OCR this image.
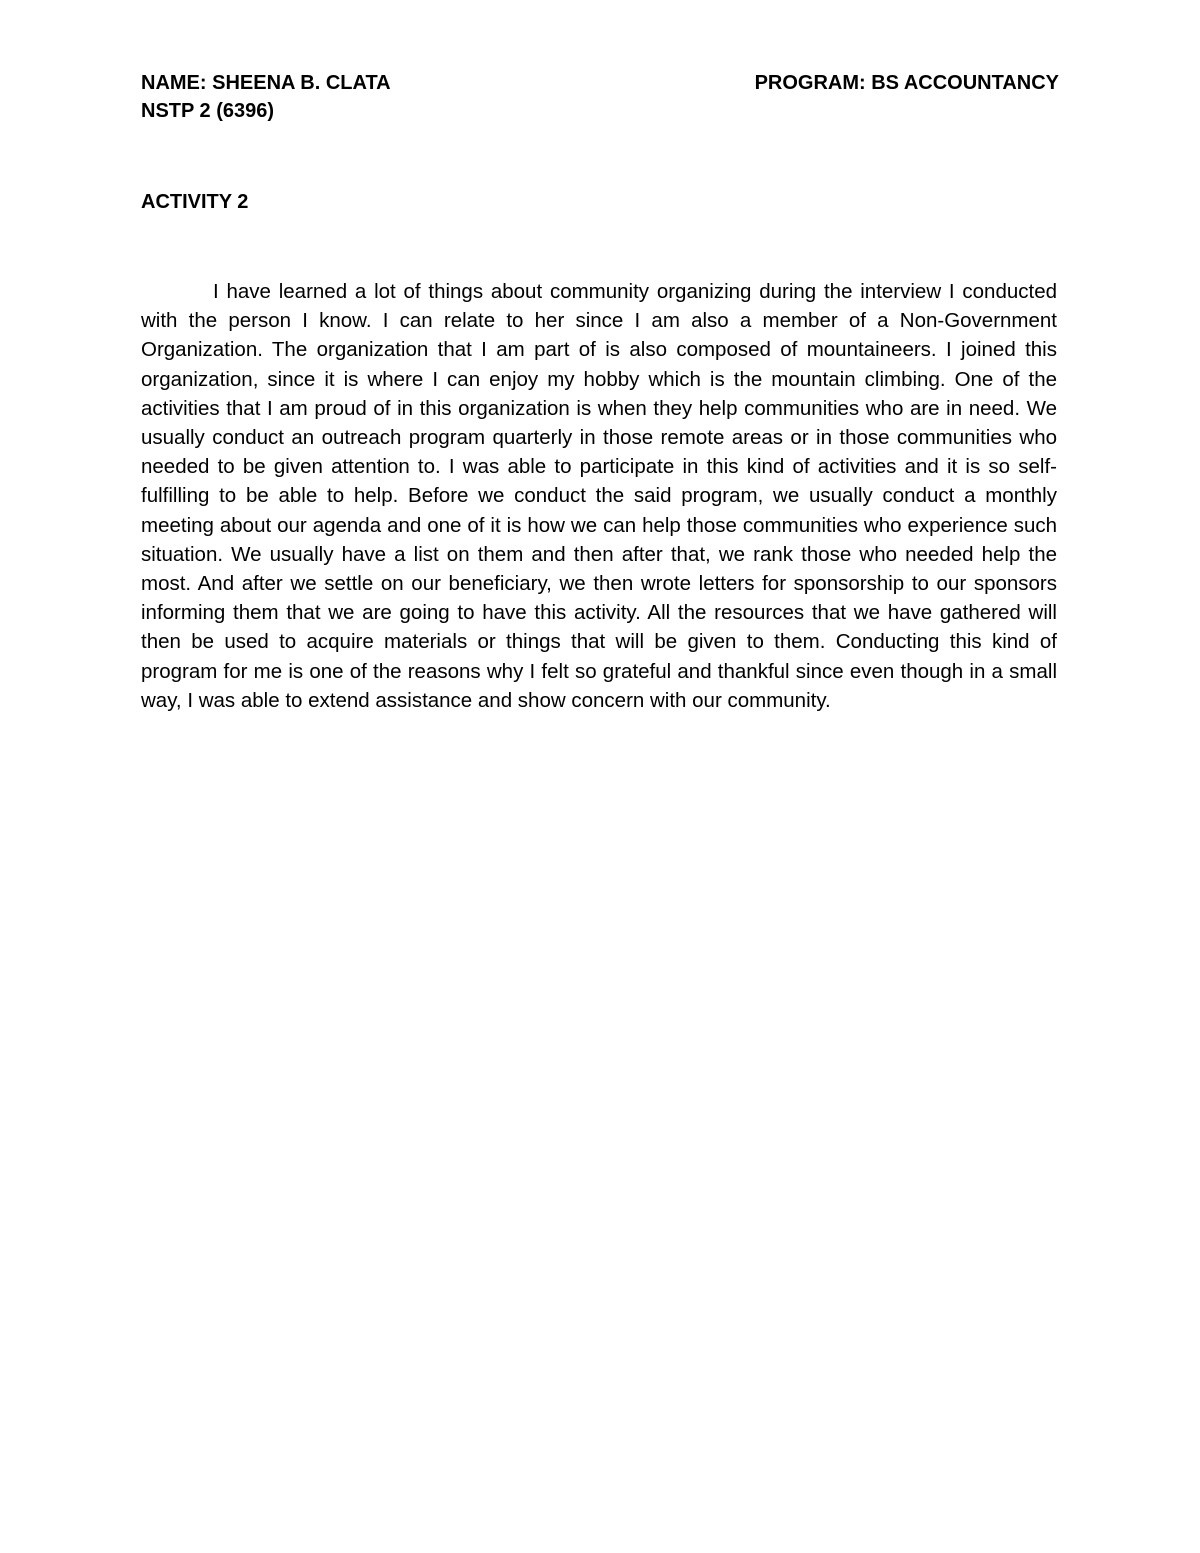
NAME: SHEENA B. CLATA	PROGRAM: BS ACCOUNTANCY
NSTP 2 (6396)
ACTIVITY 2

I have learned a lot of things about community organizing during the interview I conducted with the person I know. I can relate to her since I am also a member of a Non-Government Organization. The organization that I am part of is also composed of mountaineers. I joined this organization, since it is where I can enjoy my hobby which is the mountain climbing. One of the activities that I am proud of in this organization is when they help communities who are in need. We usually conduct an outreach program quarterly in those remote areas or in those communities who needed to be given attention to. I was able to participate in this kind of activities and it is so self-fulfilling to be able to help. Before we conduct the said program, we usually conduct a monthly meeting about our agenda and one of it is how we can help those communities who experience such situation. We usually have a list on them and then after that, we rank those who needed help the most. And after we settle on our beneficiary, we then wrote letters for sponsorship to our sponsors informing them that we are going to have this activity. All the resources that we have gathered will then be used to acquire materials or things that will be given to them. Conducting this kind of program for me is one of the reasons why I felt so grateful and thankful since even though in a small way, I was able to extend assistance and show concern with our community.
